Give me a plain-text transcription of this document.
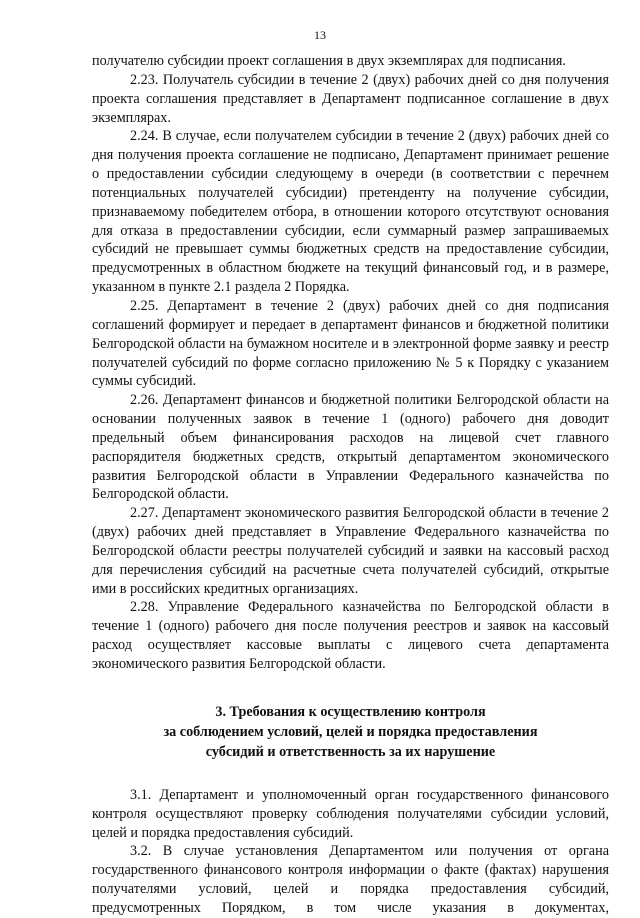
13

получателю субсидии проект соглашения в двух экземплярах для подписания.

2.23. Получатель субсидии в течение 2 (двух) рабочих дней со дня получения проекта соглашения представляет в Департамент подписанное соглашение в двух экземплярах.

2.24. В случае, если получателем субсидии в течение 2 (двух) рабочих дней со дня получения проекта соглашение не подписано, Департамент принимает решение о предоставлении субсидии следующему в очереди (в соответствии с перечнем потенциальных получателей субсидии) претенденту на получение субсидии, признаваемому победителем отбора, в отношении которого отсутствуют основания для отказа в предоставлении субсидии, если суммарный размер запрашиваемых субсидий не превышает суммы бюджетных средств на предоставление субсидии, предусмотренных в областном бюджете на текущий финансовый год, и в размере, указанном в пункте 2.1 раздела 2 Порядка.

2.25. Департамент в течение 2 (двух) рабочих дней со дня подписания соглашений формирует и передает в департамент финансов и бюджетной политики Белгородской области на бумажном носителе и в электронной форме заявку и реестр получателей субсидий по форме согласно приложению № 5 к Порядку с указанием суммы субсидий.

2.26. Департамент финансов и бюджетной политики Белгородской области на основании полученных заявок в течение 1 (одного) рабочего дня доводит предельный объем финансирования расходов на лицевой счет главного распорядителя бюджетных средств, открытый департаментом экономического развития Белгородской области в Управлении Федерального казначейства по Белгородской области.

2.27. Департамент экономического развития Белгородской области в течение 2 (двух) рабочих дней представляет в Управление Федерального казначейства по Белгородской области реестры получателей субсидий и заявки на кассовый расход для перечисления субсидий на расчетные счета получателей субсидий, открытые ими в российских кредитных организациях.

2.28. Управление Федерального казначейства по Белгородской области в течение 1 (одного) рабочего дня после получения реестров и заявок на кассовый расход осуществляет кассовые выплаты с лицевого счета департамента экономического развития Белгородской области.

3. Требования к осуществлению контроля
за соблюдением условий, целей и порядка предоставления
субсидий и ответственность за их нарушение

3.1. Департамент и уполномоченный орган государственного финансового контроля осуществляют проверку соблюдения получателями субсидии условий, целей и порядка предоставления субсидий.

3.2. В случае установления Департаментом или получения от органа государственного финансового контроля информации о факте (фактах) нарушения получателями условий, целей и порядка предоставления субсидий, предусмотренных Порядком, в том числе указания в документах,
